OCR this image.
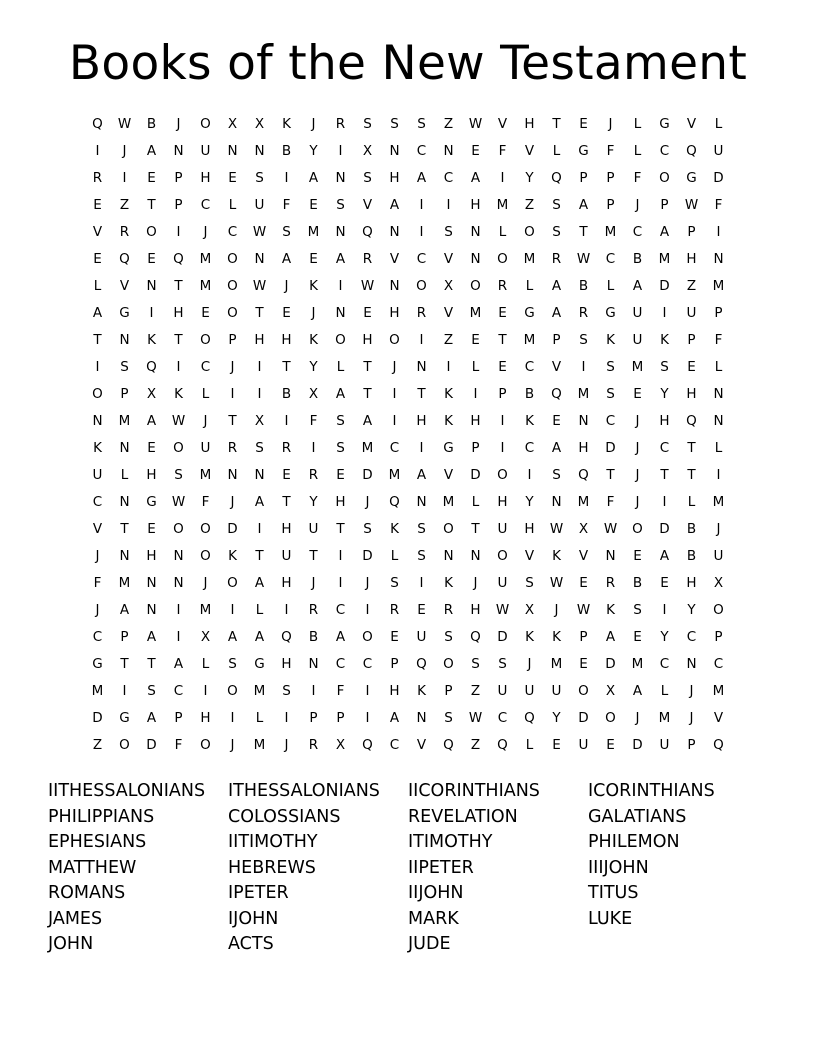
Books of the New Testament
Q	W	B	J	O	X	X	K	J	R	S	S	S	Z	W	V	H	T	E	J	L	G	V	L
I	J	A	N	U	N	N	B	Y	I	X	N	C	N	E	F	V	L	G	F	L	C	Q	U
R	I	E	P	H	E	S	I	A	N	S	H	A	C	A	I	Y	Q	P	P	F	O	G	D
E	Z	T	P	C	L	U	F	E	S	V	A	I	I	H	M	Z	S	A	P	J	P	W	F
V	R	O	I	J	C	W	S	M	N	Q	N	I	S	N	L	O	S	T	M	C	A	P	I
E	Q	E	Q	M	O	N	A	E	A	R	V	C	V	N	O	M	R	W	C	B	M	H	N
L	V	N	T	M	O	W	J	K	I	W	N	O	X	O	R	L	A	B	L	A	D	Z	M
A	G	I	H	E	O	T	E	J	N	E	H	R	V	M	E	G	A	R	G	U	I	U	P
T	N	K	T	O	P	H	H	K	O	H	O	I	Z	E	T	M	P	S	K	U	K	P	F
I	S	Q	I	C	J	I	T	Y	L	T	J	N	I	L	E	C	V	I	S	M	S	E	L
O	P	X	K	L	I	I	B	X	A	T	I	T	K	I	P	B	Q	M	S	E	Y	H	N
N	M	A	W	J	T	X	I	F	S	A	I	H	K	H	I	K	E	N	C	J	H	Q	N
K	N	E	O	U	R	S	R	I	S	M	C	I	G	P	I	C	A	H	D	J	C	T	L
U	L	H	S	M	N	N	E	R	E	D	M	A	V	D	O	I	S	Q	T	J	T	T	I
C	N	G	W	F	J	A	T	Y	H	J	Q	N	M	L	H	Y	N	M	F	J	I	L	M
V	T	E	O	O	D	I	H	U	T	S	K	S	O	T	U	H	W	X	W	O	D	B	J
J	N	H	N	O	K	T	U	T	I	D	L	S	N	N	O	V	K	V	N	E	A	B	U
F	M	N	N	J	O	A	H	J	I	J	S	I	K	J	U	S	W	E	R	B	E	H	X
J	A	N	I	M	I	L	I	R	C	I	R	E	R	H	W	X	J	W	K	S	I	Y	O
C	P	A	I	X	A	A	Q	B	A	O	E	U	S	Q	D	K	K	P	A	E	Y	C	P
G	T	T	A	L	S	G	H	N	C	C	P	Q	O	S	S	J	M	E	D	M	C	N	C
M	I	S	C	I	O	M	S	I	F	I	H	K	P	Z	U	U	U	O	X	A	L	J	M
D	G	A	P	H	I	L	I	P	P	I	A	N	S	W	C	Q	Y	D	O	J	M	J	V
Z	O	D	F	O	J	M	J	R	X	Q	C	V	Q	Z	Q	L	E	U	E	D	U	P	Q
IITHESSALONIANS
PHILIPPIANS
EPHESIANS
MATTHEW
ROMANS
JAMES
JOHN
ITHESSALONIANS
COLOSSIANS
IITIMOTHY
HEBREWS
IPETER
IJOHN
ACTS
IICORINTHIANS
REVELATION
ITIMOTHY
IIPETER
IIJOHN
MARK
JUDE
ICORINTHIANS
GALATIANS
PHILEMON
IIIJOHN
TITUS
LUKE
